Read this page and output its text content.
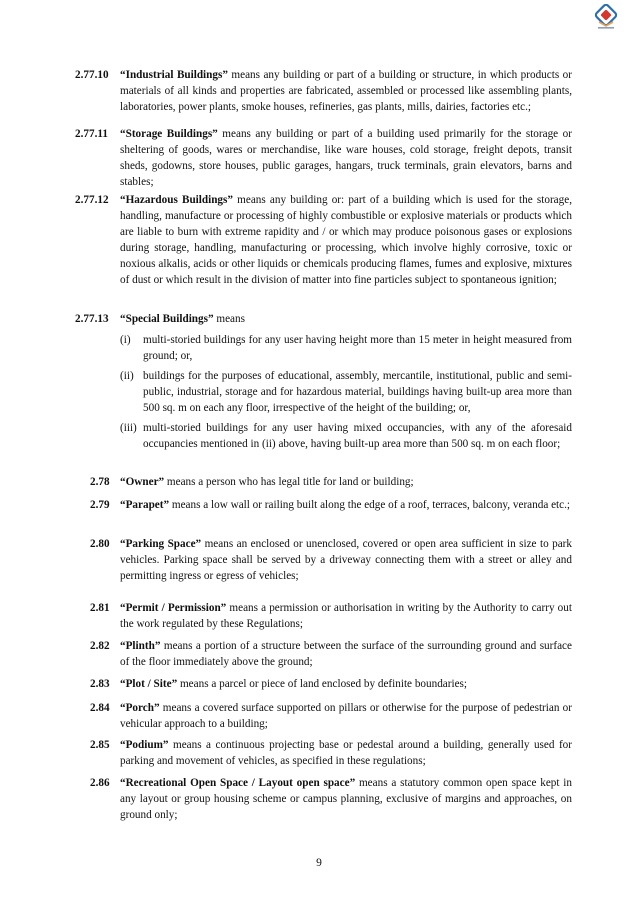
2.77.10 “Industrial Buildings” means any building or part of a building or structure, in which products or materials of all kinds and properties are fabricated, assembled or processed like assembling plants, laboratories, power plants, smoke houses, refineries, gas plants, mills, dairies, factories etc.;
2.77.11 “Storage Buildings” means any building or part of a building used primarily for the storage or sheltering of goods, wares or merchandise, like ware houses, cold storage, freight depots, transit sheds, godowns, store houses, public garages, hangars, truck terminals, grain elevators, barns and stables;
2.77.12 “Hazardous Buildings” means any building or: part of a building which is used for the storage, handling, manufacture or processing of highly combustible or explosive materials or products which are liable to burn with extreme rapidity and / or which may produce poisonous gases or explosions during storage, handling, manufacturing or processing, which involve highly corrosive, toxic or noxious alkalis, acids or other liquids or chemicals producing flames, fumes and explosive, mixtures of dust or which result in the division of matter into fine particles subject to spontaneous ignition;
2.77.13 “Special Buildings” means
(i) multi-storied buildings for any user having height more than 15 meter in height measured from ground; or,
(ii) buildings for the purposes of educational, assembly, mercantile, institutional, public and semi-public, industrial, storage and for hazardous material, buildings having built-up area more than 500 sq. m on each any floor, irrespective of the height of the building; or,
(iii) multi-storied buildings for any user having mixed occupancies, with any of the aforesaid occupancies mentioned in (ii) above, having built-up area more than 500 sq. m on each floor;
2.78 “Owner” means a person who has legal title for land or building;
2.79 “Parapet” means a low wall or railing built along the edge of a roof, terraces, balcony, veranda etc.;
2.80 “Parking Space” means an enclosed or unenclosed, covered or open area sufficient in size to park vehicles. Parking space shall be served by a driveway connecting them with a street or alley and permitting ingress or egress of vehicles;
2.81 “Permit / Permission” means a permission or authorisation in writing by the Authority to carry out the work regulated by these Regulations;
2.82 “Plinth” means a portion of a structure between the surface of the surrounding ground and surface of the floor immediately above the ground;
2.83 “Plot / Site” means a parcel or piece of land enclosed by definite boundaries;
2.84 “Porch” means a covered surface supported on pillars or otherwise for the purpose of pedestrian or vehicular approach to a building;
2.85 “Podium” means a continuous projecting base or pedestal around a building, generally used for parking and movement of vehicles, as specified in these regulations;
2.86 “Recreational Open Space / Layout open space” means a statutory common open space kept in any layout or group housing scheme or campus planning, exclusive of margins and approaches, on ground only;
9
